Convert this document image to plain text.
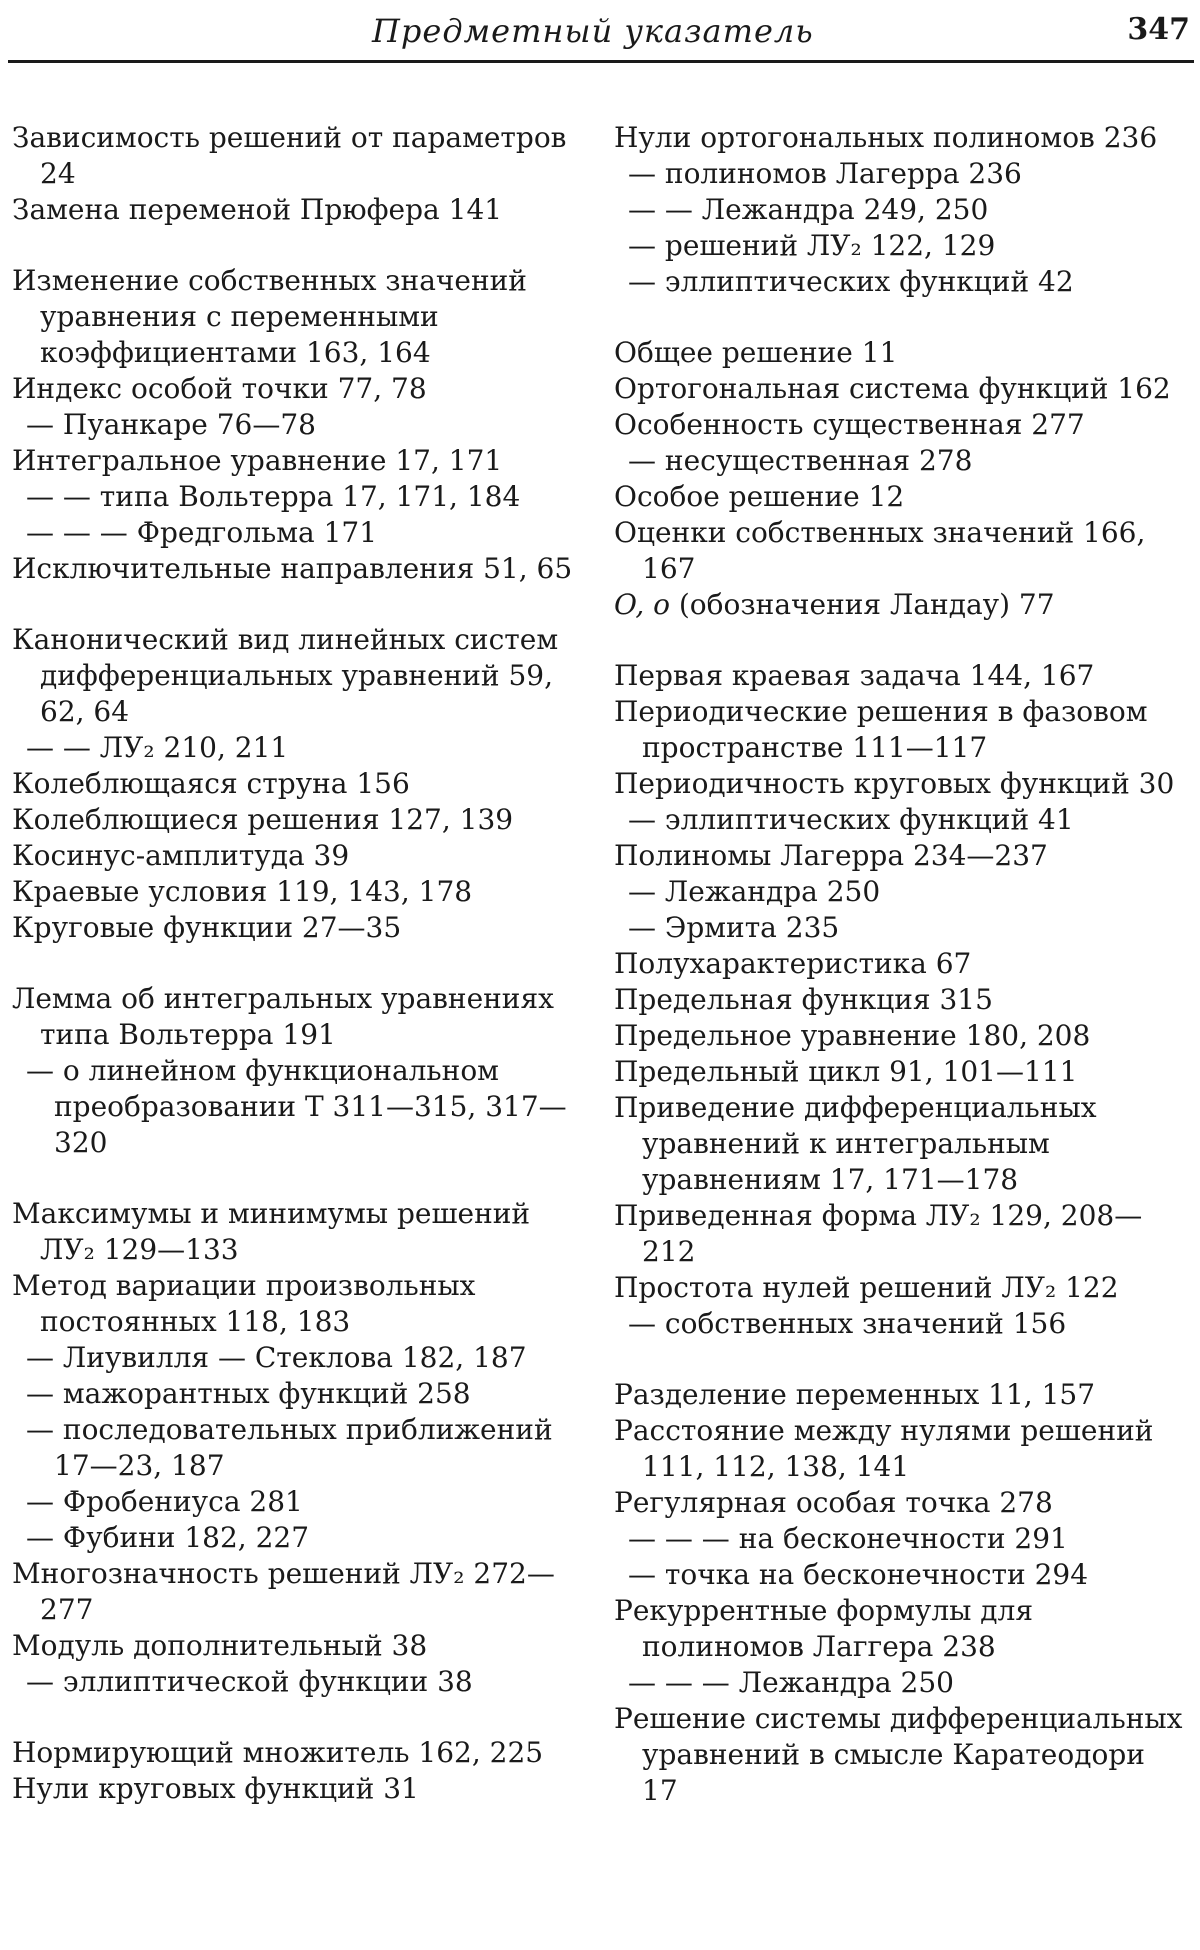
Предметный указатель	347
Зависимость решений от параметров 24
Замена переменой Прюфера 141
Изменение собственных значений уравнения с переменными коэффициентами 163, 164
Индекс особой точки 77, 78
— Пуанкаре 76—78
Интегральное уравнение 17, 171
— — типа Вольтерра 17, 171, 184
— — — Фредгольма 171
Исключительные направления 51, 65
Канонический вид линейных систем дифференциальных уравнений 59, 62, 64
— — ЛУ₂ 210, 211
Колеблющаяся струна 156
Колеблющиеся решения 127, 139
Косинус-амплитуда 39
Краевые условия 119, 143, 178
Круговые функции 27—35
Лемма об интегральных уравнениях типа Вольтерра 191
— о линейном функциональном преобразовании T 311—315, 317—320
Максимумы и минимумы решений ЛУ₂ 129—133
Метод вариации произвольных постоянных 118, 183
— Лиувилля — Стеклова 182, 187
— мажорантных функций 258
— последовательных приближений 17—23, 187
— Фробениуса 281
— Фубини 182, 227
Многозначность решений ЛУ₂ 272—277
Модуль дополнительный 38
— эллиптической функции 38
Нормирующий множитель 162, 225
Нули круговых функций 31
Нули ортогональных полиномов 236
— полиномов Лагерра 236
— — Лежандра 249, 250
— решений ЛУ₂ 122, 129
— эллиптических функций 42
Общее решение 11
Ортогональная система функций 162
Особенность существенная 277
— несущественная 278
Особое решение 12
Оценки собственных значений 166, 167
O, o (обозначения Ландау) 77
Первая краевая задача 144, 167
Периодические решения в фазовом пространстве 111—117
Периодичность круговых функций 30
— эллиптических функций 41
Полиномы Лагерра 234—237
— Лежандра 250
— Эрмита 235
Полухарактеристика 67
Предельная функция 315
Предельное уравнение 180, 208
Предельный цикл 91, 101—111
Приведение дифференциальных уравнений к интегральным уравнениям 17, 171—178
Приведенная форма ЛУ₂ 129, 208—212
Простота нулей решений ЛУ₂ 122
— собственных значений 156
Разделение переменных 11, 157
Расстояние между нулями решений 111, 112, 138, 141
Регулярная особая точка 278
— — — на бесконечности 291
— точка на бесконечности 294
Рекуррентные формулы для полиномов Лаггера 238
— — — Лежандра 250
Решение системы дифференциальных уравнений в смысле Каратеодори 17
